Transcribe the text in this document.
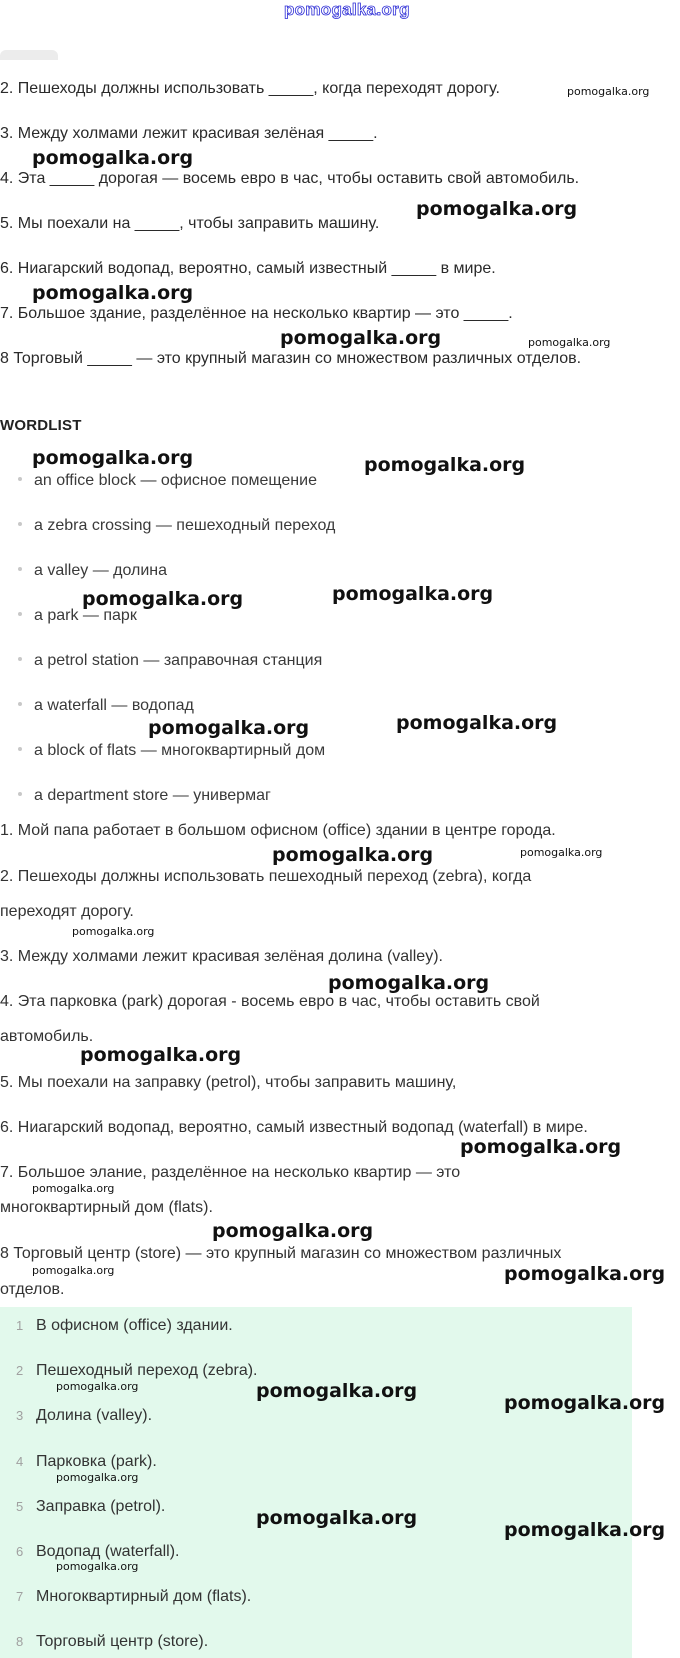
pomogalka.org
2. Пешеходы должны использовать _____, когда переходят дорогу.
3. Между холмами лежит красивая зелёная _____.
4. Эта _____ дорогая — восемь евро в час, чтобы оставить свой автомобиль.
5. Мы поехали на _____, чтобы заправить машину.
6. Ниагарский водопад, вероятно, самый известный _____ в мире.
7. Большое здание, разделённое на несколько квартир — это _____.
8 Торговый _____ — это крупный магазин со множеством различных отделов.
WORDLIST
an office block — офисное помещение
a zebra crossing — пешеходный переход
a valley — долина
a park — парк
a petrol station — заправочная станция
a waterfall — водопад
a block of flats — многоквартирный дом
a department store — универмаг
1. Мой папа работает в большом офисном (office) здании в центре города.
2. Пешеходы должны использовать пешеходный переход (zebra), когда
переходят дорогу.
3. Между холмами лежит красивая зелёная долина (valley).
4. Эта парковка (park) дорогая - восемь евро в час, чтобы оставить свой
автомобиль.
5. Мы поехали на заправку (petrol), чтобы заправить машину,
6. Ниагарский водопад, вероятно, самый известный водопад (waterfall) в мире.
7. Большое элание, разделённое на несколько квартир — это
многоквартирный дом (flats).
8 Торговый центр (store) — это крупный магазин со множеством различных
отделов.
1 В офисном (office) здании.
2 Пешеходный переход (zebra).
3 Долина (valley).
4 Парковка (park).
5 Заправка (petrol).
6 Водопад (waterfall).
7 Многоквартирный дом (flats).
8 Торговый центр (store).
pomogalka.org
pomogalka.org
pomogalka.org
pomogalka.org
pomogalka.org	pomogalka.org
pomogalka.org	pomogalka.org
pomogalka.org
pomogalka.org
pomogalka.org
pomogalka.org
pomogalka.org	pomogalka.org
pomogalka.org
pomogalka.org
pomogalka.org
pomogalka.org
pomogalka.org
pomogalka.org
pomogalka.org	pomogalka.org
pomogalka.org	pomogalka.org
pomogalka.org
pomogalka.org
pomogalka.org
pomogalka.org
pomogalka.org
